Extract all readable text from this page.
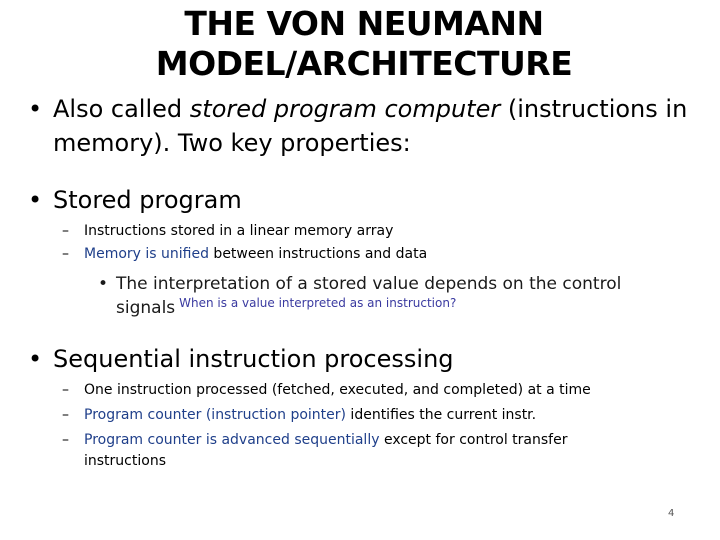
THE VON NEUMANN
MODEL/ARCHITECTURE
• Also called stored program computer (instructions in
memory). Two key properties:
• Stored program
–	Instructions stored in a linear memory array
–	Memory is unified between instructions and data
• The interpretation of a stored value depends on the control
signals $^{When is a value interpreted as an instruction?}$
• Sequential instruction processing
–	One instruction processed (fetched, executed, and completed) at a time
–	Program counter (instruction pointer) identifies the current instr.
–	Program counter is advanced sequentially except for control transfer
instructions
4
